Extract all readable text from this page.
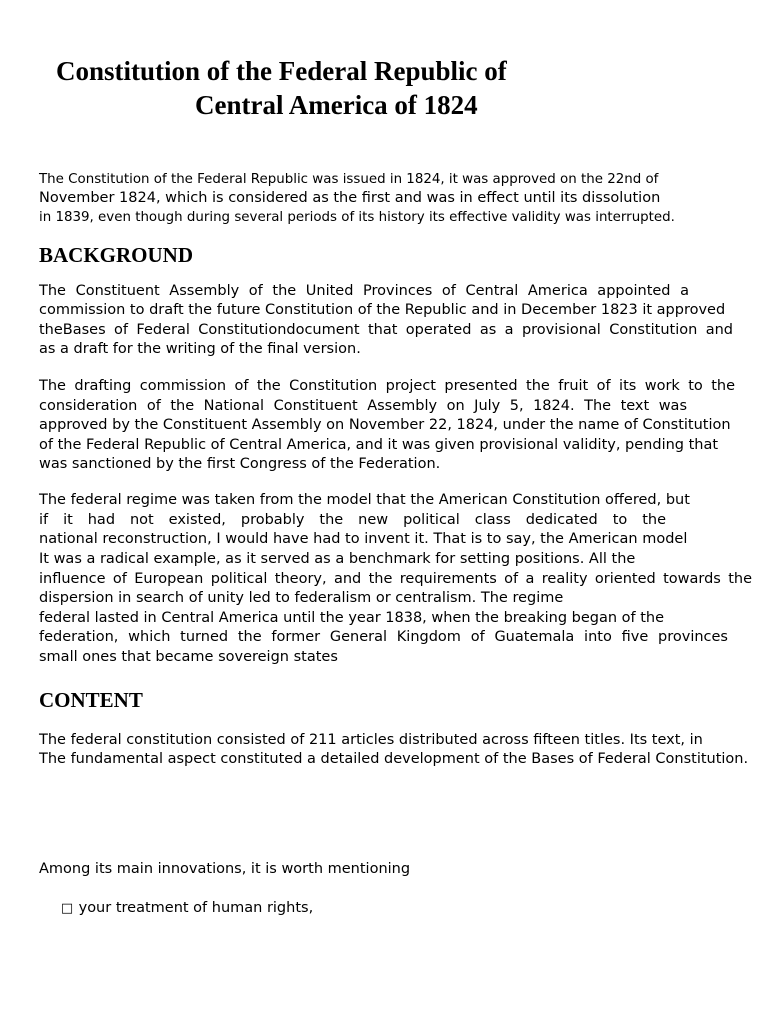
Constitution of the Federal Republic of
Central America of 1824
The Constitution of the Federal Republic was issued in 1824, it was approved on the 22nd of
November 1824, which is considered as the first and was in effect until its dissolution
in 1839, even though during several periods of its history its effective validity was interrupted.
BACKGROUND
The Constituent Assembly of the United Provinces of Central America appointed a
commission to draft the future Constitution of the Republic and in December 1823 it approved
theBases of Federal Constitutiondocument that operated as a provisional Constitution and
as a draft for the writing of the final version.
The drafting commission of the Constitution project presented the fruit of its work to the
consideration of the National Constituent Assembly on July 5, 1824. The text was
approved by the Constituent Assembly on November 22, 1824, under the name of Constitution
of the Federal Republic of Central America, and it was given provisional validity, pending that
was sanctioned by the first Congress of the Federation.
The federal regime was taken from the model that the American Constitution offered, but
if it had not existed, probably the new political class dedicated to the
national reconstruction, I would have had to invent it. That is to say, the American model
It was a radical example, as it served as a benchmark for setting positions. All the
influence of European political theory, and the requirements of a reality oriented towards the
dispersion in search of unity led to federalism or centralism. The regime
federal lasted in Central America until the year 1838, when the breaking began of the
federation, which turned the former General Kingdom of Guatemala into five provinces
small ones that became sovereign states
CONTENT
The federal constitution consisted of 211 articles distributed across fifteen titles. Its text, in
The fundamental aspect constituted a detailed development of the Bases of Federal Constitution.
Among its main innovations, it is worth mentioning
□ your treatment of human rights,
